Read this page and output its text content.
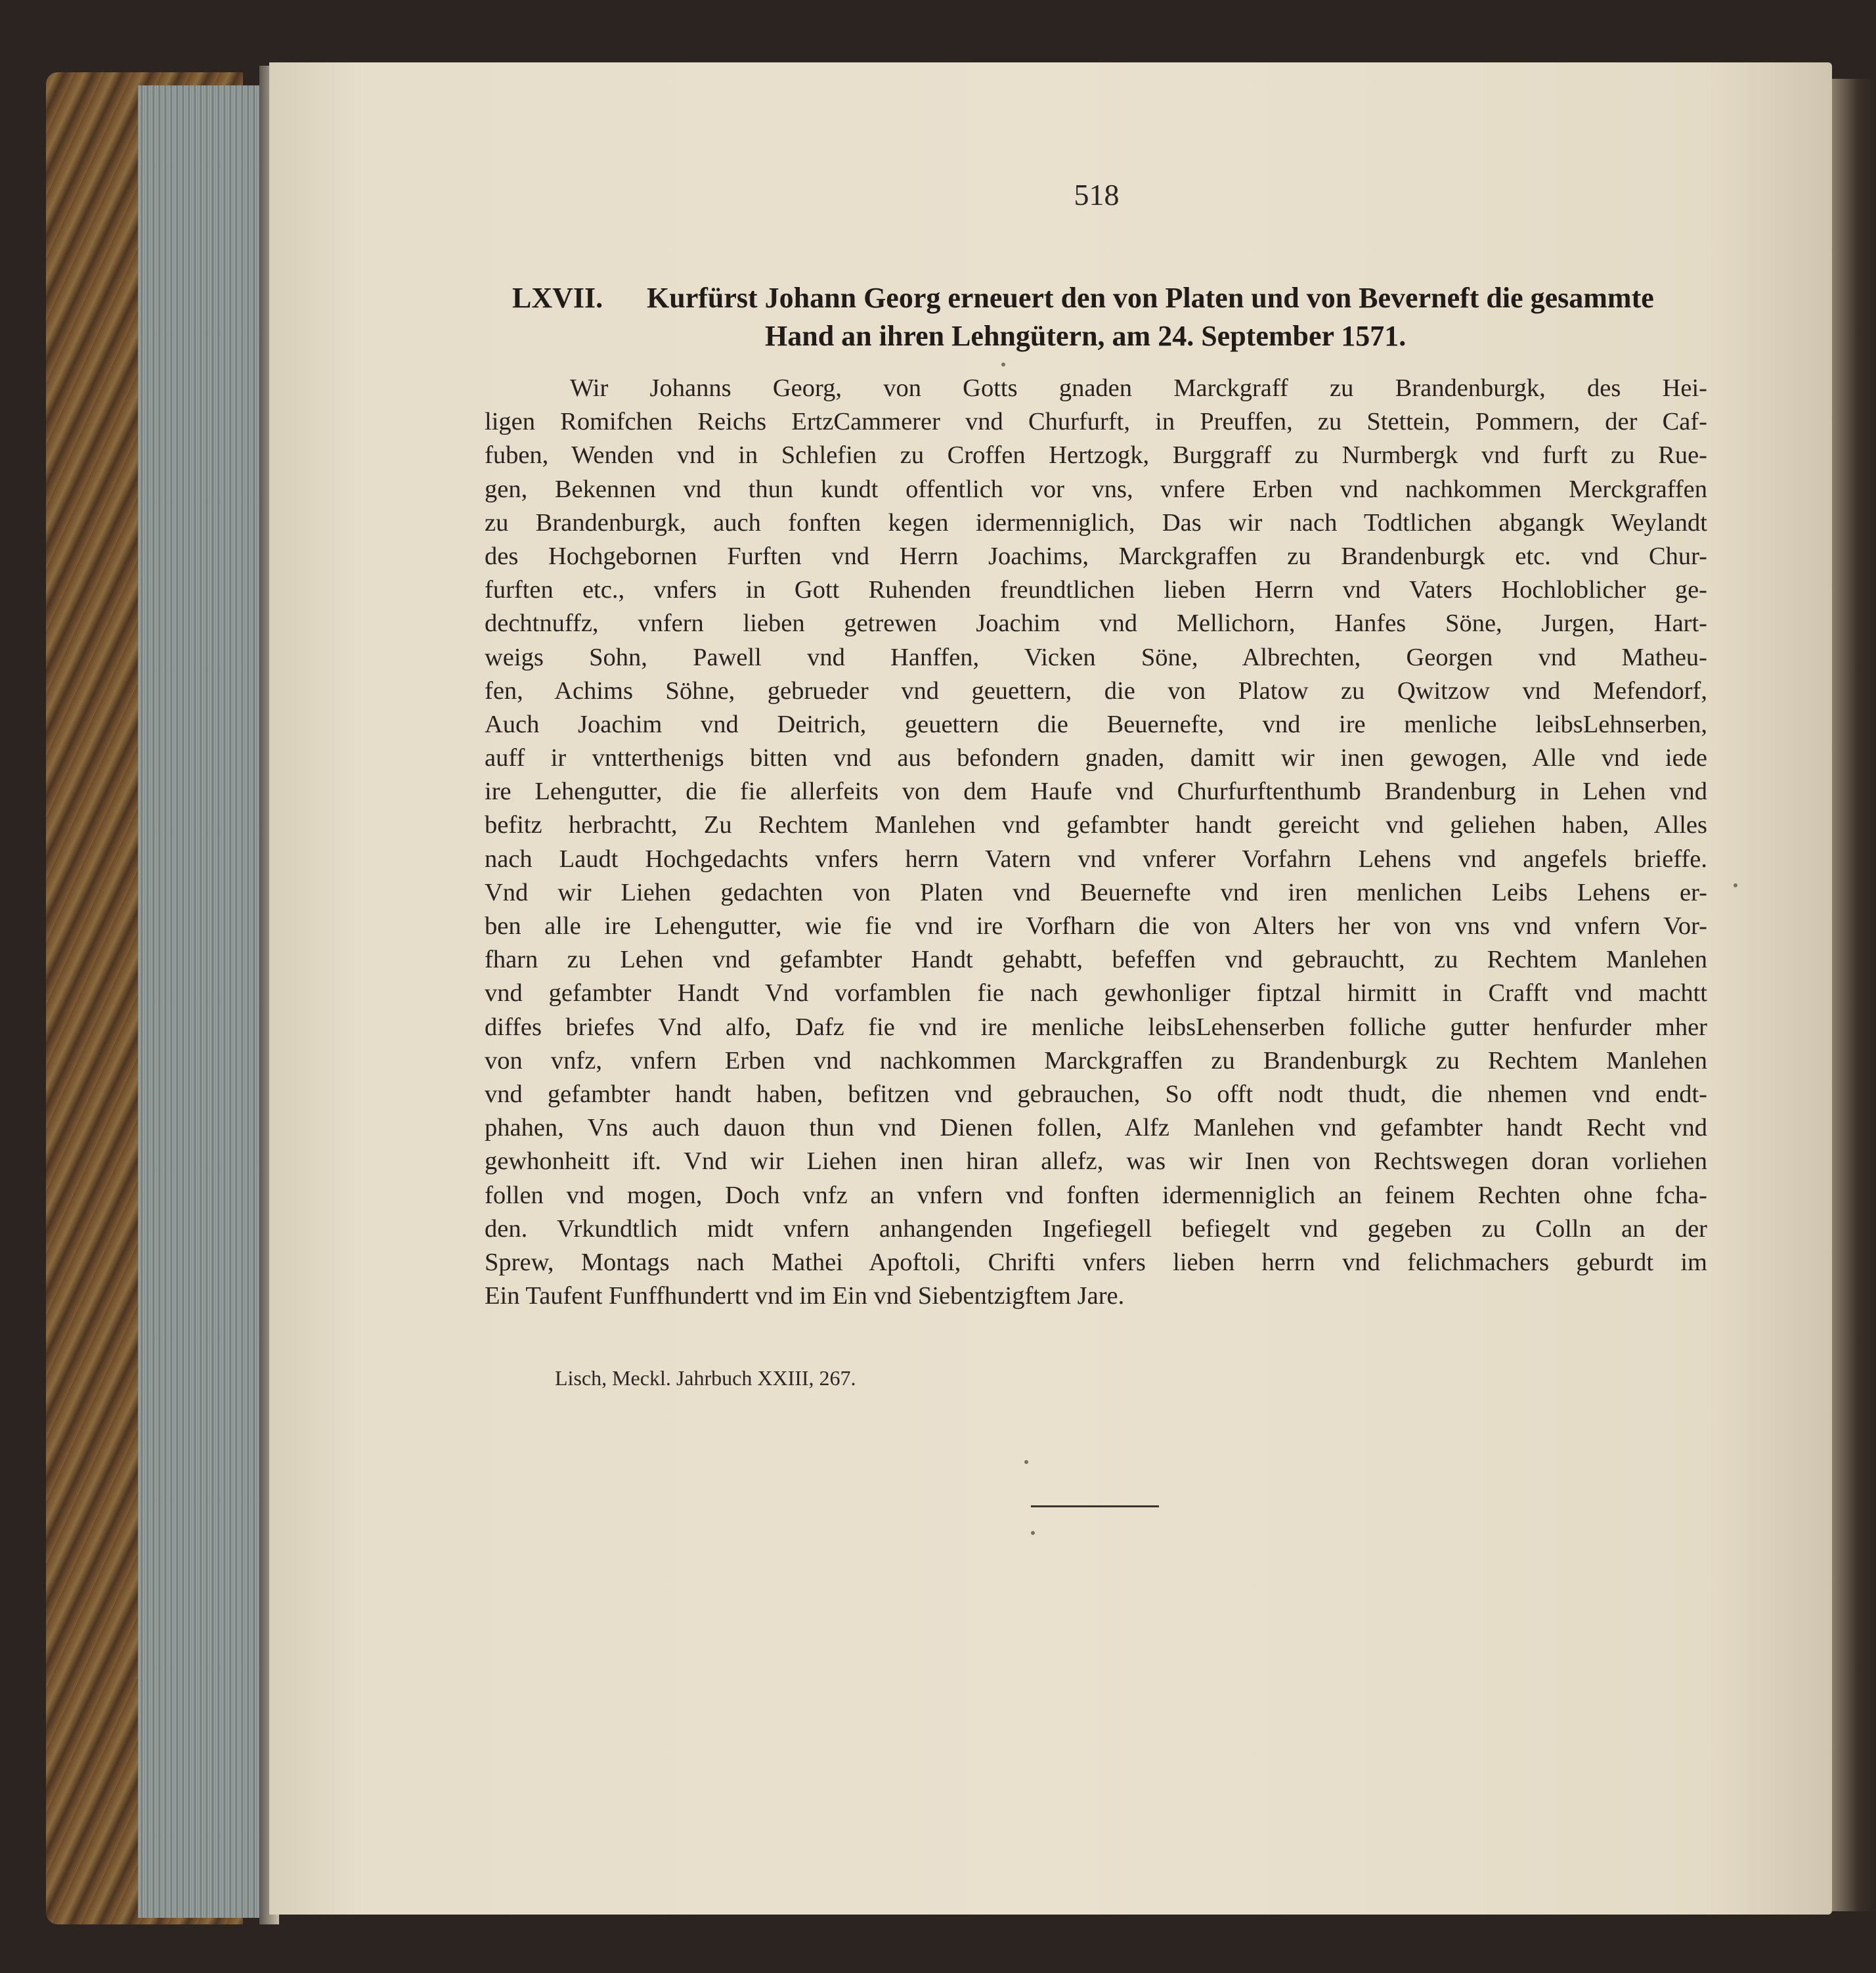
518
LXVII. Kurfürst Johann Georg erneuert den von Platen und von Beverneft die gesammte
Hand an ihren Lehngütern, am 24. September 1571.
Wir Johanns Georg, von Gotts gnaden Marckgraff zu Brandenburgk, des Hei-
ligen Romifchen Reichs ErtzCammerer vnd Churfurft, in Preuffen, zu Stettein, Pommern, der Caf-
fuben, Wenden vnd in Schlefien zu Croffen Hertzogk, Burggraff zu Nurmbergk vnd furft zu Rue-
gen, Bekennen vnd thun kundt offentlich vor vns, vnfere Erben vnd nachkommen Merckgraffen
zu Brandenburgk, auch fonften kegen idermenniglich, Das wir nach Todtlichen abgangk Weylandt
des Hochgebornen Furften vnd Herrn Joachims, Marckgraffen zu Brandenburgk etc. vnd Chur-
furften etc., vnfers in Gott Ruhenden freundtlichen lieben Herrn vnd Vaters Hochloblicher ge-
dechtnuffz, vnfern lieben getrewen Joachim vnd Mellichorn, Hanfes Söne, Jurgen, Hart-
weigs Sohn, Pawell vnd Hanffen, Vicken Söne, Albrechten, Georgen vnd Matheu-
fen, Achims Söhne, gebrueder vnd geuettern, die von Platow zu Qwitzow vnd Mefendorf,
Auch Joachim vnd Deitrich, geuettern die Beuernefte, vnd ire menliche leibsLehnserben,
auff ir vntterthenigs bitten vnd aus befondern gnaden, damitt wir inen gewogen, Alle vnd iede
ire Lehengutter, die fie allerfeits von dem Haufe vnd Churfurftenthumb Brandenburg in Lehen vnd
befitz herbrachtt, Zu Rechtem Manlehen vnd gefambter handt gereicht vnd geliehen haben, Alles
nach Laudt Hochgedachts vnfers herrn Vatern vnd vnferer Vorfahrn Lehens vnd angefels brieffe.
Vnd wir Liehen gedachten von Platen vnd Beuernefte vnd iren menlichen Leibs Lehens er-
ben alle ire Lehengutter, wie fie vnd ire Vorfharn die von Alters her von vns vnd vnfern Vor-
fharn zu Lehen vnd gefambter Handt gehabtt, befeffen vnd gebrauchtt, zu Rechtem Manlehen
vnd gefambter Handt Vnd vorfamblen fie nach gewhonliger fiptzal hirmitt in Crafft vnd machtt
diffes briefes Vnd alfo, Dafz fie vnd ire menliche leibsLehenserben folliche gutter henfurder mher
von vnfz, vnfern Erben vnd nachkommen Marckgraffen zu Brandenburgk zu Rechtem Manlehen
vnd gefambter handt haben, befitzen vnd gebrauchen, So offt nodt thudt, die nhemen vnd endt-
phahen, Vns auch dauon thun vnd Dienen follen, Alfz Manlehen vnd gefambter handt Recht vnd
gewhonheitt ift. Vnd wir Liehen inen hiran allefz, was wir Inen von Rechtswegen doran vorliehen
follen vnd mogen, Doch vnfz an vnfern vnd fonften idermenniglich an feinem Rechten ohne fcha-
den. Vrkundtlich midt vnfern anhangenden Ingefiegell befiegelt vnd gegeben zu Colln an der
Sprew, Montags nach Mathei Apoftoli, Chrifti vnfers lieben herrn vnd felichmachers geburdt im
Ein Taufent Funffhundertt vnd im Ein vnd Siebentzigftem Jare.
Lisch, Meckl. Jahrbuch XXIII, 267.
